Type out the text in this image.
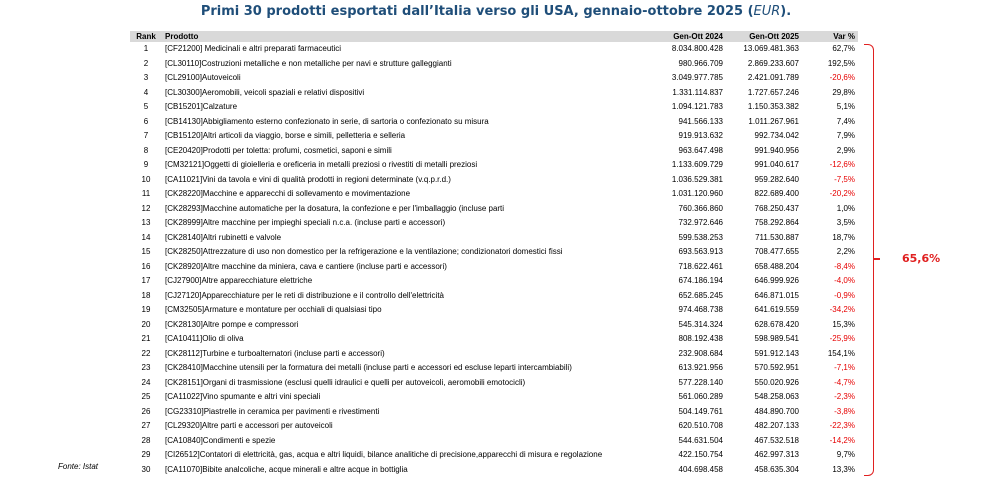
Primi 30 prodotti esportati dall’Italia verso gli USA, gennaio-ottobre 2025 (EUR).
Rank	Prodotto	Gen-Ott 2024	Gen-Ott 2025	Var %
1	[CF21200] Medicinali e altri preparati farmaceutici	8.034.800.428	13.069.481.363	62,7%
2	[CL30110]Costruzioni metalliche e non metalliche per navi e strutture galleggianti	980.966.709	2.869.233.607	192,5%
3	[CL29100]Autoveicoli	3.049.977.785	2.421.091.789	-20,6%
4	[CL30300]Aeromobili, veicoli spaziali e relativi dispositivi	1.331.114.837	1.727.657.246	29,8%
5	[CB15201]Calzature	1.094.121.783	1.150.353.382	5,1%
6	[CB14130]Abbigliamento esterno confezionato in serie, di sartoria o confezionato su misura	941.566.133	1.011.267.961	7,4%
7	[CB15120]Altri articoli da viaggio, borse e simili, pelletteria e selleria	919.913.632	992.734.042	7,9%
8	[CE20420]Prodotti per toletta: profumi, cosmetici, saponi e simili	963.647.498	991.940.956	2,9%
9	[CM32121]Oggetti di gioielleria e oreficeria in metalli preziosi o rivestiti di metalli preziosi	1.133.609.729	991.040.617	-12,6%
10	[CA11021]Vini da tavola e vini di qualità prodotti in regioni determinate (v.q.p.r.d.)	1.036.529.381	959.282.640	-7,5%
11	[CK28220]Macchine e apparecchi di sollevamento e movimentazione	1.031.120.960	822.689.400	-20,2%
12	[CK28293]Macchine automatiche per la dosatura, la confezione e per l'imballaggio (incluse parti	760.366.860	768.250.437	1,0%
13	[CK28999]Altre macchine per impieghi speciali n.c.a. (incluse parti e accessori)	732.972.646	758.292.864	3,5%
14	[CK28140]Altri rubinetti e valvole	599.538.253	711.530.887	18,7%
15	[CK28250]Attrezzature di uso non domestico per la refrigerazione e la ventilazione; condizionatori domestici fissi	693.563.913	708.477.655	2,2%
16	[CK28920]Altre macchine da miniera, cava e cantiere (incluse parti e accessori)	718.622.461	658.488.204	-8,4%
17	[CJ27900]Altre apparecchiature elettriche	674.186.194	646.999.926	-4,0%
18	[CJ27120]Apparecchiature per le reti di distribuzione e il controllo dell'elettricità	652.685.245	646.871.015	-0,9%
19	[CM32505]Armature e montature per occhiali di qualsiasi tipo	974.468.738	641.619.559	-34,2%
20	[CK28130]Altre pompe e compressori	545.314.324	628.678.420	15,3%
21	[CA10411]Olio di oliva	808.192.438	598.989.541	-25,9%
22	[CK28112]Turbine e turboalternatori (incluse parti e accessori)	232.908.684	591.912.143	154,1%
23	[CK28410]Macchine utensili per la formatura dei metalli (incluse parti e accessori ed escluse leparti intercambiabili)	613.921.956	570.592.951	-7,1%
24	[CK28151]Organi di trasmissione (esclusi quelli idraulici e quelli per autoveicoli, aeromobili emotocicli)	577.228.140	550.020.926	-4,7%
25	[CA11022]Vino spumante e altri vini speciali	561.060.289	548.258.063	-2,3%
26	[CG23310]Piastrelle in ceramica per pavimenti e rivestimenti	504.149.761	484.890.700	-3,8%
27	[CL29320]Altre parti e accessori per autoveicoli	620.510.708	482.207.133	-22,3%
28	[CA10840]Condimenti e spezie	544.631.504	467.532.518	-14,2%
29	[CI26512]Contatori di elettricità, gas, acqua e altri liquidi, bilance analitiche di precisione,apparecchi di misura e regolazione	422.150.754	462.997.313	9,7%
30	[CA11070]Bibite analcoliche, acque minerali e altre acque in bottiglia	404.698.458	458.635.304	13,3%
65,6%
Fonte: Istat
